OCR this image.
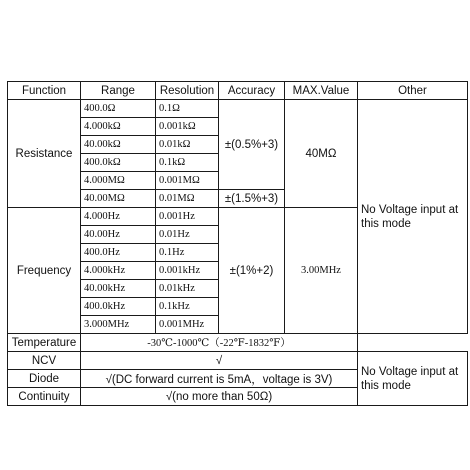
Function	Range	Resolution	Accuracy	MAX.Value	Other
Resistance	400.0Ω	0.1Ω	±(0.5%+3)	40MΩ	No Voltage input at this mode
	4.000kΩ	0.001kΩ			
	40.00kΩ	0.01kΩ			
	400.0kΩ	0.1kΩ			
	4.000MΩ	0.001MΩ			
	40.00MΩ	0.01MΩ	±(1.5%+3)		
Frequency	4.000Hz	0.001Hz	±(1%+2)	3.00MHz	
	40.00Hz	0.01Hz			
	400.0Hz	0.1Hz			
	4.000kHz	0.001kHz			
	40.00kHz	0.01kHz			
	400.0kHz	0.1kHz			
	3.000MHz	0.001MHz			
Temperature	-30℃-1000℃（-22℉-1832℉）				
NCV	√				No Voltage input at this mode
Diode	√(DC forward current is 5mA，voltage is 3V)				
Continuity	√(no more than 50Ω)				
